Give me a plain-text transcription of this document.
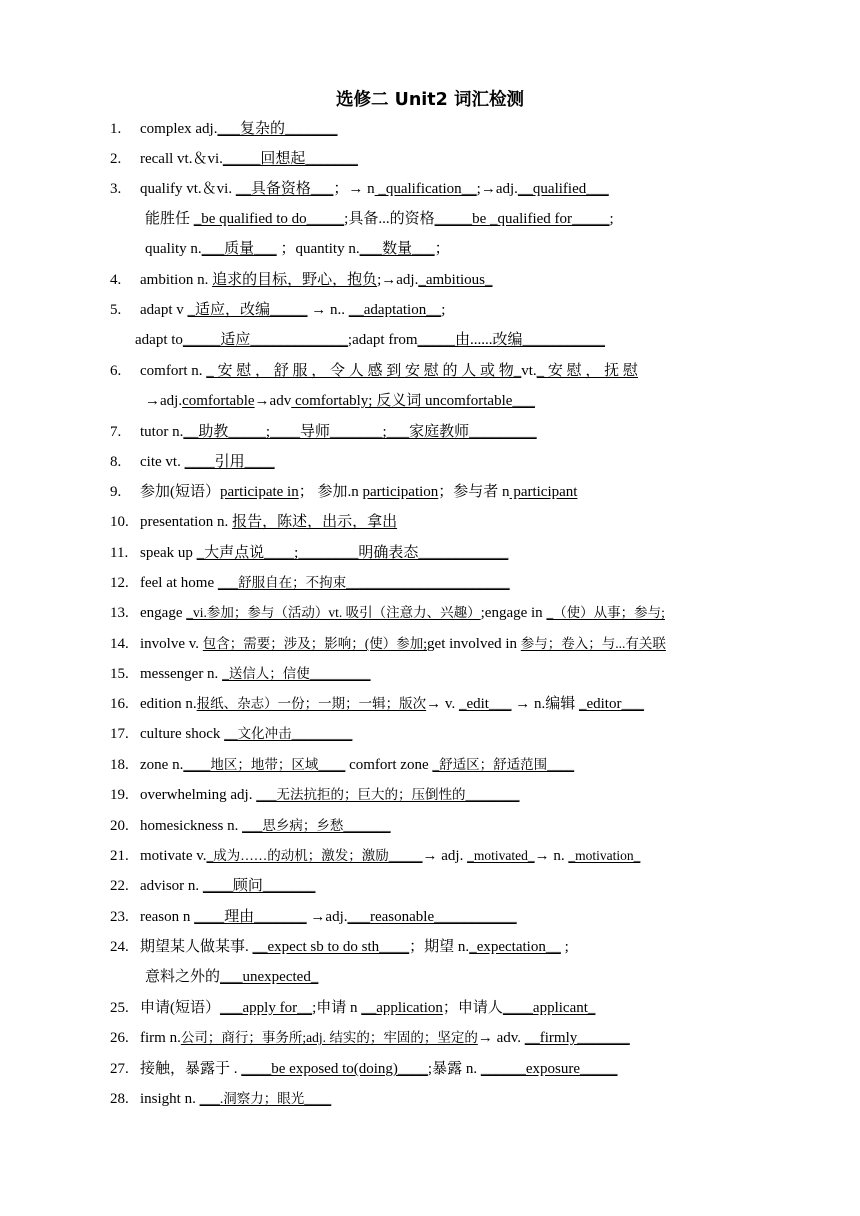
选修二 Unit2 词汇检测
1. complex adj.___复杂的_______
2. recall vt.＆vi._____回想起_______
3. qualify vt.＆vi. __具备资格___；→ n _qualification__;→adj.__qualified___
能胜任 _be qualified to do_____;具备...的资格_____be _qualified for_____;
quality n.___质量___ ；quantity n.___数量___；
4. ambition n. 追求的目标，野心，抱负;→adj._ambitious_
5. adapt v _适应，改编_____ → n.. __adaptation__;
adapt to_____适应_____________;adapt from_____由......改编___________
6. comfort n. _ 安 慰 ， 舒 服 ， 令 人 感 到 安 慰 的 人 或 物_vt._ 安 慰 ， 抚 慰
→adj.comfortable→adv comfortably; 反义词 uncomfortable___
7. tutor n.__助教_____;____导师_______;___家庭教师_________
8. cite vt. ____引用____
9. 参加(短语）participate in； 参加.n participation；参与者 n participant
10. presentation n. 报告，陈述，出示，拿出
11. speak up _大声点说____;________明确表态____________
12. feel at home ___舒服自在；不拘束______________________
13. engage _vi.参加；参与（活动）vt. 吸引（注意力、兴趣）;engage in _（使）从事；参与;
14. involve v. 包含；需要；涉及；影响；(使）参加;get involved in 参与；卷入；与...有关联
15. messenger n. _送信人；信使_________
16. edition n.报纸、杂志）一份；一期；一辑；版次→ v. _edit___ → n.编辑 _editor___
17. culture shock __文化冲击_________
18. zone n.____地区；地带；区域____ comfort zone _舒适区；舒适范围____
19. overwhelming adj. ___无法抗拒的；巨大的；压倒性的________
20. homesickness n. ___思乡病；乡愁_______
21. motivate v._成为……的动机；激发；激励_____→ adj. _motivated_→ n. _motivation_
22. advisor n. ____顾问_______
23. reason n ____理由_______ →adj.___reasonable___________
24. 期望某人做某事. __expect sb to do sth____；期望 n._expectation__ ;
意料之外的___unexpected_
25. 申请(短语）___apply for__;申请 n __application；申请人____applicant_
26. firm n.公司；商行；事务所;adj. 结实的；牢固的；坚定的→ adv. __firmly_______
27. 接触，暴露于 . ____be exposed to(doing)____;暴露 n. ______exposure_____
28. insight n. ___.洞察力；眼光____
